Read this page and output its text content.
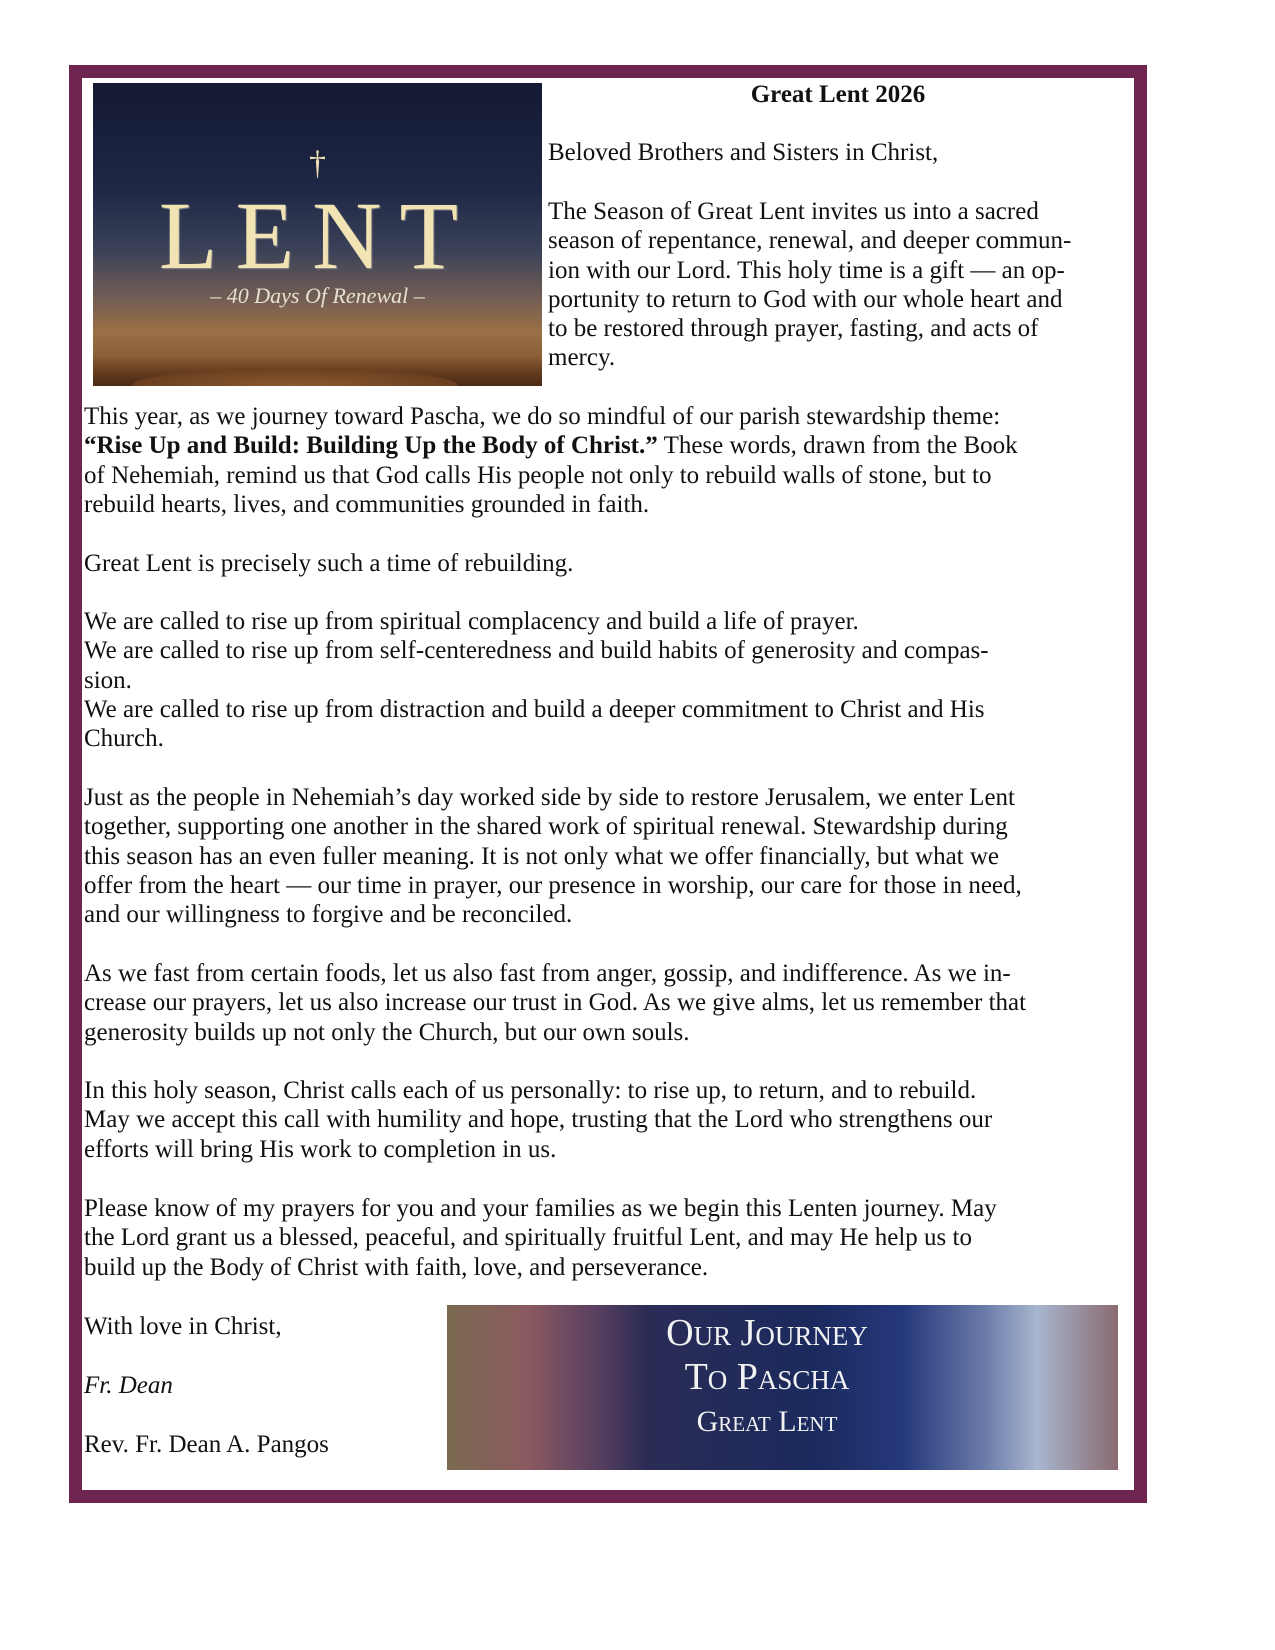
†
LENT
– 40 Days Of Renewal –
Great Lent 2026
Beloved Brothers and Sisters in Christ,
The Season of Great Lent invites us into a sacred
season of repentance, renewal, and deeper commun-
ion with our Lord. This holy time is a gift — an op-
portunity to return to God with our whole heart and
to be restored through prayer, fasting, and acts of
mercy.
This year, as we journey toward Pascha, we do so mindful of our parish stewardship theme:
“Rise Up and Build: Building Up the Body of Christ.” These words, drawn from the Book
of Nehemiah, remind us that God calls His people not only to rebuild walls of stone, but to
rebuild hearts, lives, and communities grounded in faith.
Great Lent is precisely such a time of rebuilding.
We are called to rise up from spiritual complacency and build a life of prayer.
We are called to rise up from self-centeredness and build habits of generosity and compas-
sion.
We are called to rise up from distraction and build a deeper commitment to Christ and His
Church.
Just as the people in Nehemiah’s day worked side by side to restore Jerusalem, we enter Lent
together, supporting one another in the shared work of spiritual renewal. Stewardship during
this season has an even fuller meaning. It is not only what we offer financially, but what we
offer from the heart — our time in prayer, our presence in worship, our care for those in need,
and our willingness to forgive and be reconciled.
As we fast from certain foods, let us also fast from anger, gossip, and indifference. As we in-
crease our prayers, let us also increase our trust in God. As we give alms, let us remember that
generosity builds up not only the Church, but our own souls.
In this holy season, Christ calls each of us personally: to rise up, to return, and to rebuild.
May we accept this call with humility and hope, trusting that the Lord who strengthens our
efforts will bring His work to completion in us.
Please know of my prayers for you and your families as we begin this Lenten journey. May
the Lord grant us a blessed, peaceful, and spiritually fruitful Lent, and may He help us to
build up the Body of Christ with faith, love, and perseverance.
With love in Christ,
Fr. Dean
Rev. Fr. Dean A. Pangos
Our Journey
To Pascha
Great Lent
